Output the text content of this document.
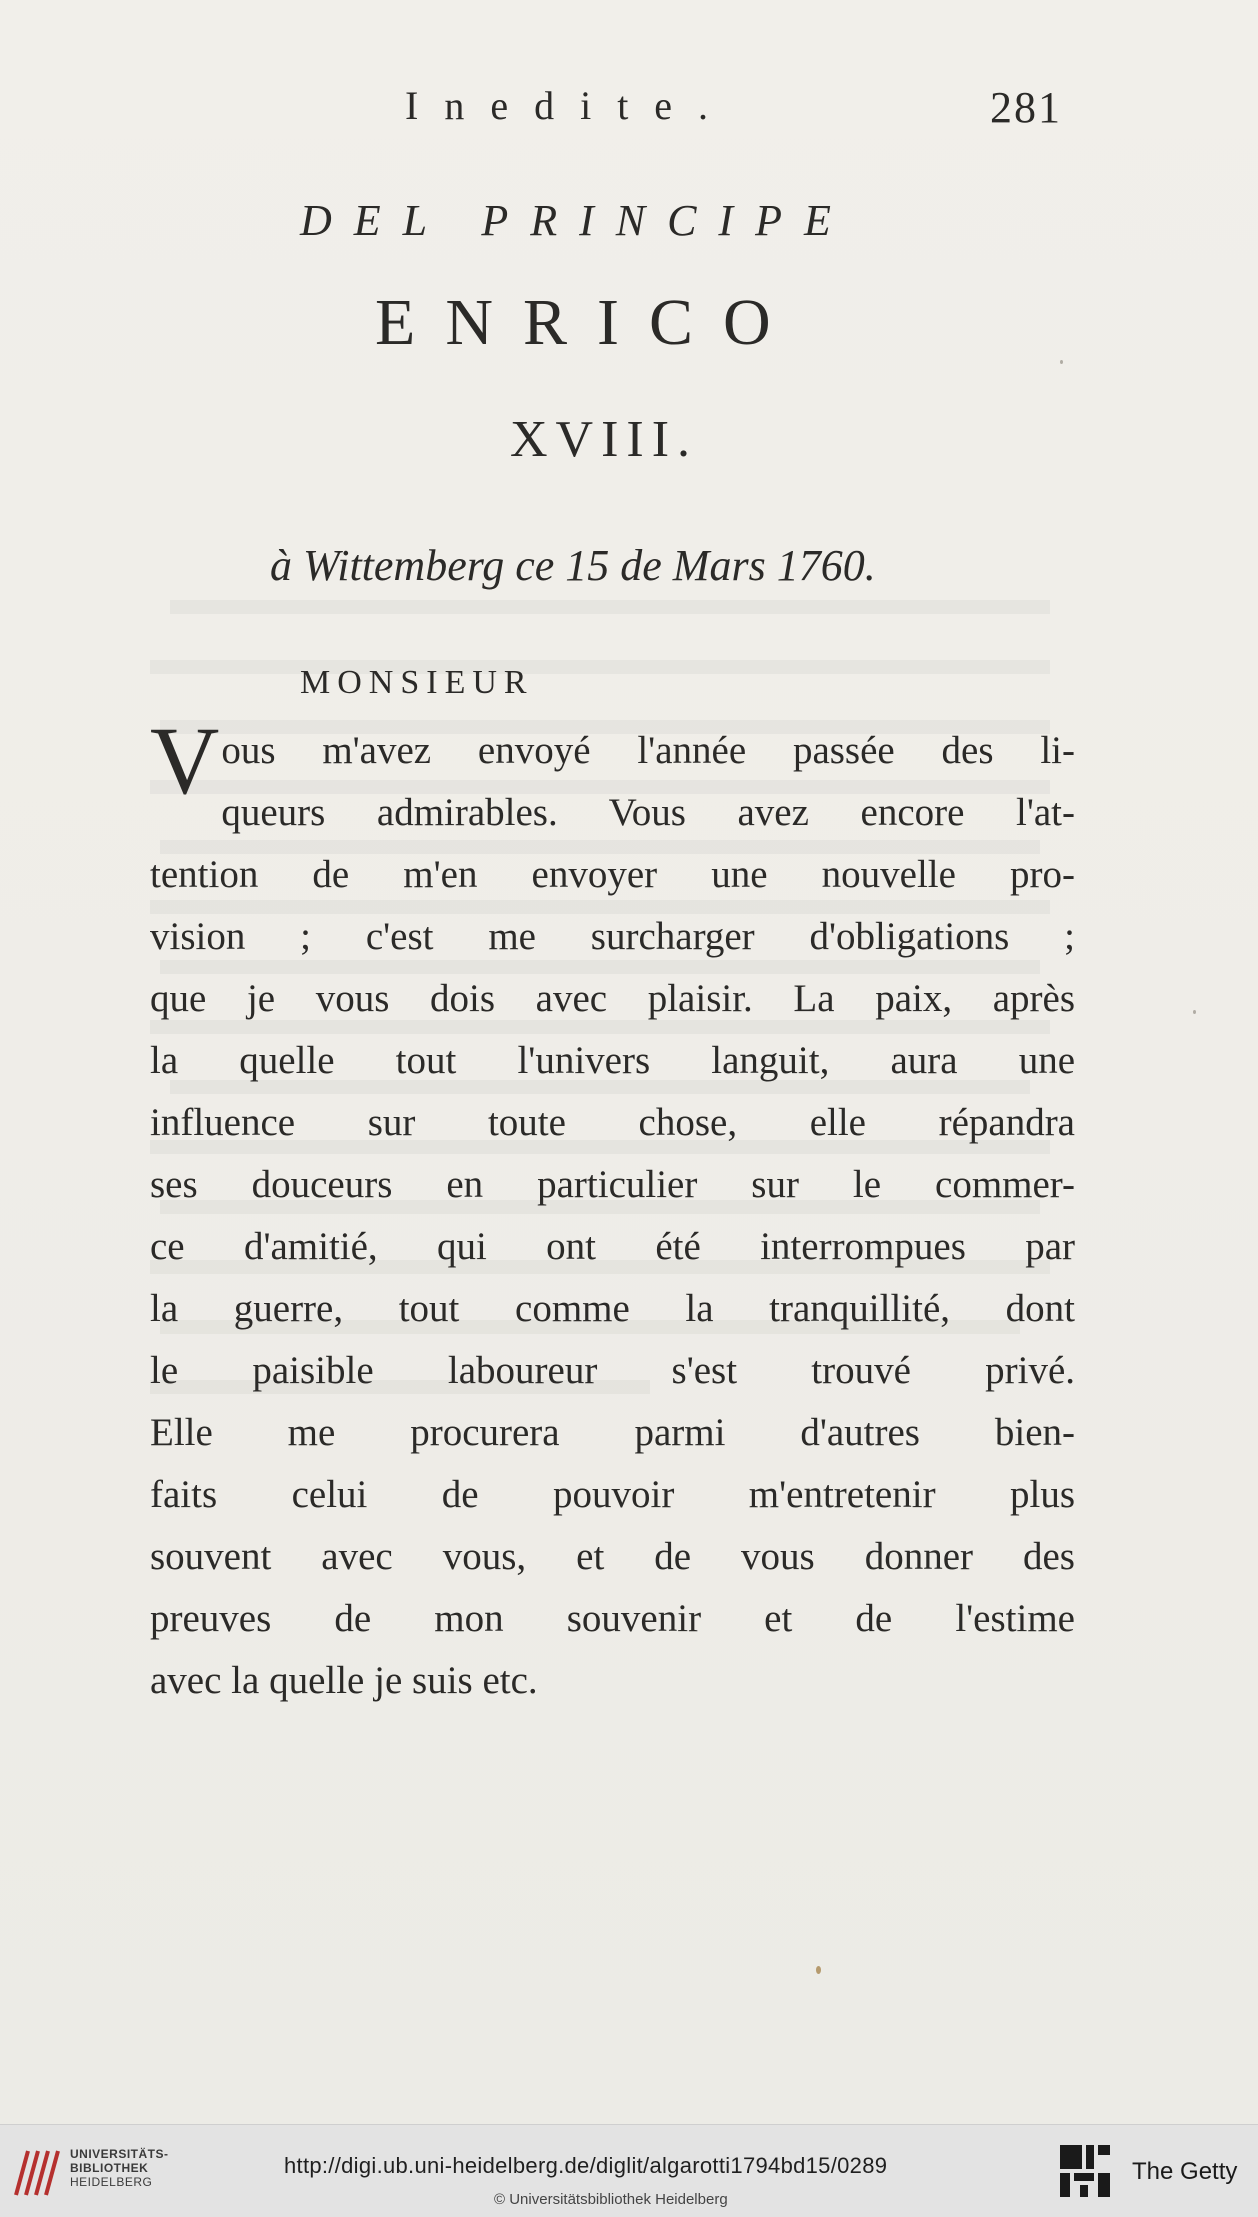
Inedite.	281
DEL PRINCIPE
ENRICO
XVIII.
à Wittemberg ce 15 de Mars 1760.
MONSIEUR
V ous m'avez envoyé l'année passée des li-
queurs admirables. Vous avez encore l'at-
tention de m'en envoyer une nouvelle pro-
vision ; c'est me surcharger d'obligations ;
que je vous dois avec plaisir. La paix, après
la quelle tout l'univers languit, aura une
influence sur toute chose, elle répandra
ses douceurs en particulier sur le commer-
ce d'amitié, qui ont été interrompues par
la guerre, tout comme la tranquillité, dont
le paisible laboureur s'est trouvé privé.
Elle me procurera parmi d'autres bien-
faits celui de pouvoir m'entretenir plus
souvent avec vous, et de vous donner des
preuves de mon souvenir et de l'estime
avec la quelle je suis etc.
UNIVERSITÄTS-
BIBLIOTHEK
HEIDELBERG
http://digi.ub.uni-heidelberg.de/diglit/algarotti1794bd15/0289
© Universitätsbibliothek Heidelberg
The Getty
